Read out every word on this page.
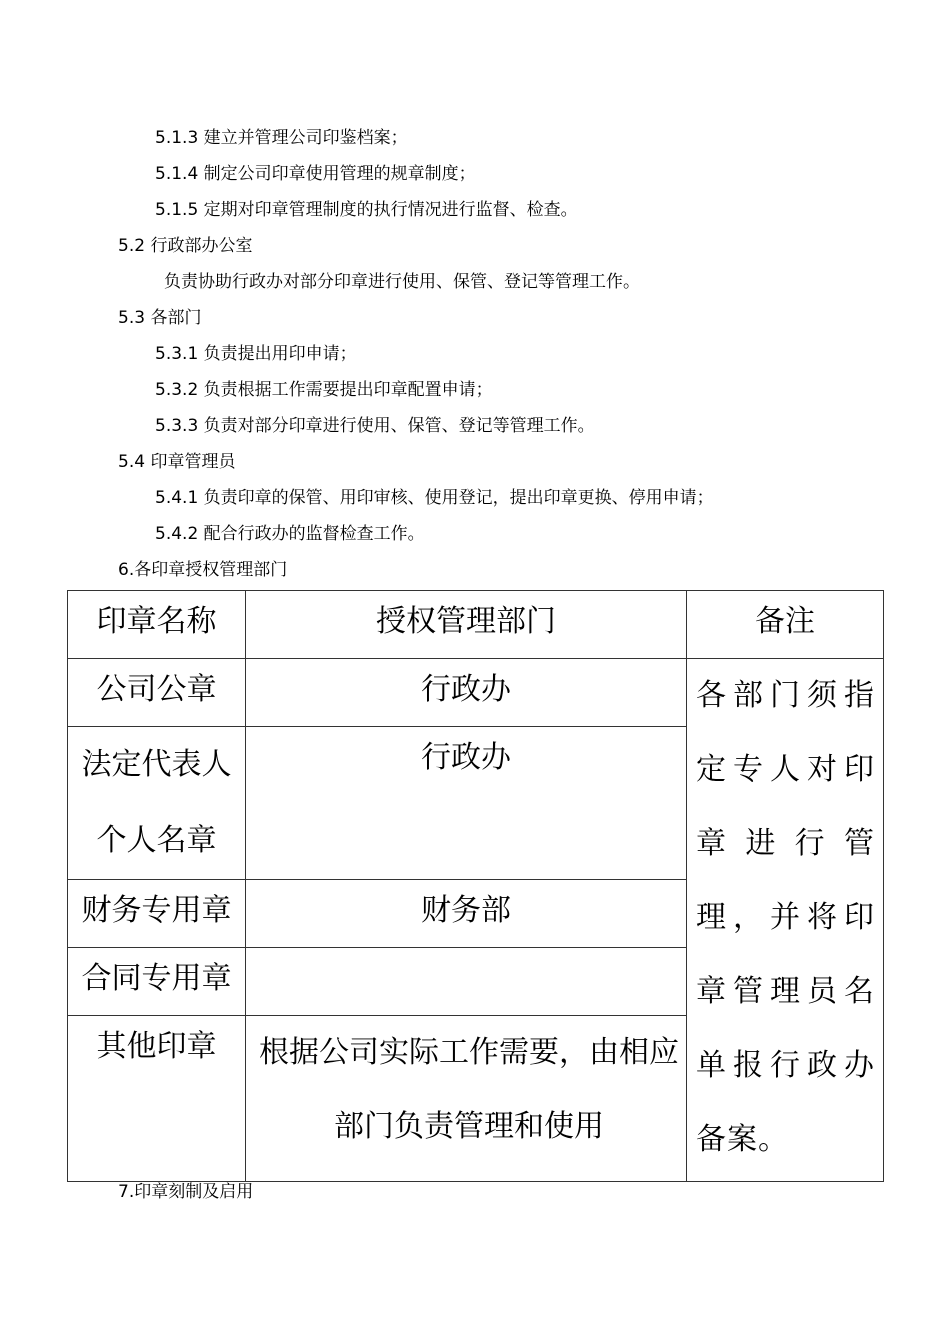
5.1.3 建立并管理公司印鉴档案；
5.1.4 制定公司印章使用管理的规章制度；
5.1.5 定期对印章管理制度的执行情况进行监督、检查。
5.2 行政部办公室
负责协助行政办对部分印章进行使用、保管、登记等管理工作。
5.3 各部门
5.3.1 负责提出用印申请；
5.3.2 负责根据工作需要提出印章配置申请；
5.3.3 负责对部分印章进行使用、保管、登记等管理工作。
5.4 印章管理员
5.4.1 负责印章的保管、用印审核、使用登记，提出印章更换、停用申请；
5.4.2 配合行政办的监督检查工作。
6.各印章授权管理部门
印章名称	授权管理部门	备注

公司公章	行政办	各部门须指定专人对印章进行管理，并将印章管理员名单报行政办备案。

法定代表人个人名章	行政办	

财务专用章	财务部	

合同专用章		

其他印章	根据公司实际工作需要，由相应部门负责管理和使用	
7.印章刻制及启用
